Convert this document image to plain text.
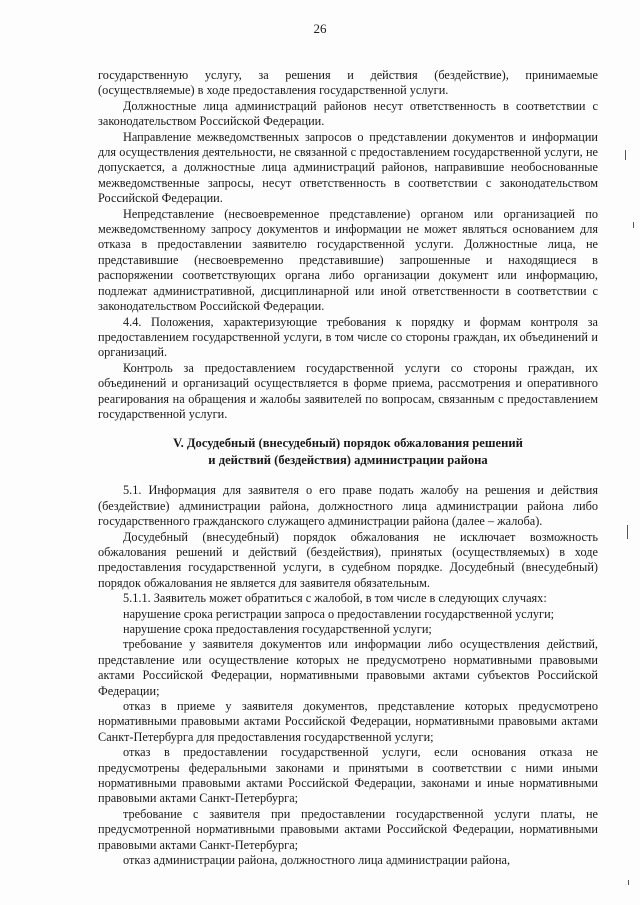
26

государственную услугу, за решения и действия (бездействие), принимаемые (осуществляемые) в ходе предоставления государственной услуги.

Должностные лица администраций районов несут ответственность в соответствии с законодательством Российской Федерации.

Направление межведомственных запросов о представлении документов и информации для осуществления деятельности, не связанной с предоставлением государственной услуги, не допускается, а должностные лица администраций районов, направившие необоснованные межведомственные запросы, несут ответственность в соответствии с законодательством Российской Федерации.

Непредставление (несвоевременное представление) органом или организацией по межведомственному запросу документов и информации не может являться основанием для отказа в предоставлении заявителю государственной услуги. Должностные лица, не представившие (несвоевременно представившие) запрошенные и находящиеся в распоряжении соответствующих органа либо организации документ или информацию, подлежат административной, дисциплинарной или иной ответственности в соответствии с законодательством Российской Федерации.

4.4. Положения, характеризующие требования к порядку и формам контроля за предоставлением государственной услуги, в том числе со стороны граждан, их объединений и организаций.

Контроль за предоставлением государственной услуги со стороны граждан, их объединений и организаций осуществляется в форме приема, рассмотрения и оперативного реагирования на обращения и жалобы заявителей по вопросам, связанным с предоставлением государственной услуги.

V. Досудебный (внесудебный) порядок обжалования решений
и действий (бездействия) администрации района

5.1. Информация для заявителя о его праве подать жалобу на решения и действия (бездействие) администрации района, должностного лица администрации района либо государственного гражданского служащего администрации района (далее – жалоба).

Досудебный (внесудебный) порядок обжалования не исключает возможность обжалования решений и действий (бездействия), принятых (осуществляемых) в ходе предоставления государственной услуги, в судебном порядке. Досудебный (внесудебный) порядок обжалования не является для заявителя обязательным.

5.1.1. Заявитель может обратиться с жалобой, в том числе в следующих случаях:

нарушение срока регистрации запроса о предоставлении государственной услуги;

нарушение срока предоставления государственной услуги;

требование у заявителя документов или информации либо осуществления действий, представление или осуществление которых не предусмотрено нормативными правовыми актами Российской Федерации, нормативными правовыми актами субъектов Российской Федерации;

отказ в приеме у заявителя документов, представление которых предусмотрено нормативными правовыми актами Российской Федерации, нормативными правовыми актами Санкт-Петербурга для предоставления государственной услуги;

отказ в предоставлении государственной услуги, если основания отказа не предусмотрены федеральными законами и принятыми в соответствии с ними иными нормативными правовыми актами Российской Федерации, законами и иные нормативными правовыми актами Санкт-Петербурга;

требование с заявителя при предоставлении государственной услуги платы, не предусмотренной нормативными правовыми актами Российской Федерации, нормативными правовыми актами Санкт-Петербурга;

отказ администрации района, должностного лица администрации района,
